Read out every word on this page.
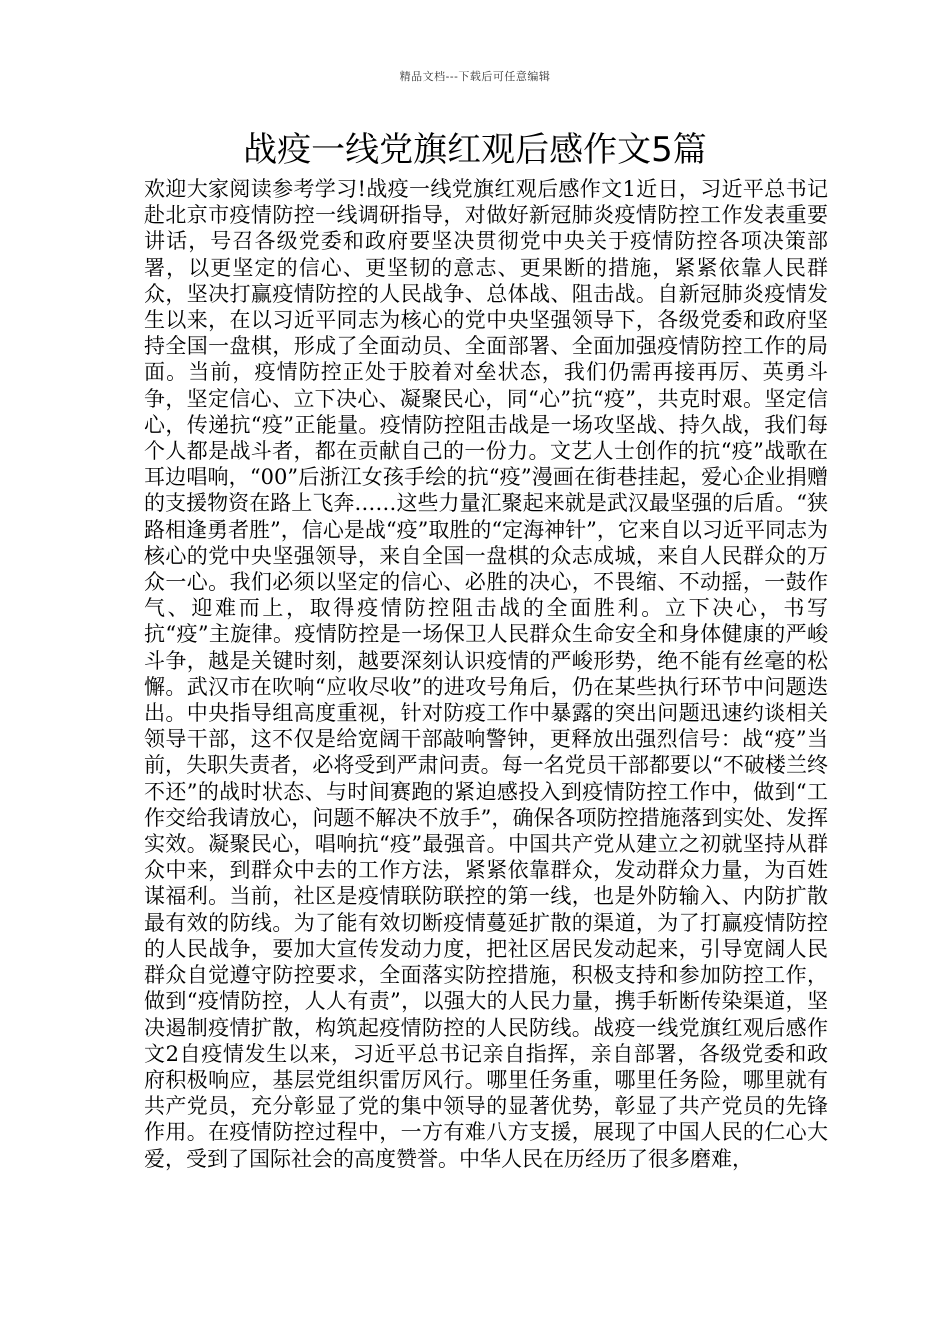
精品文档---下载后可任意编辑
战疫一线党旗红观后感作文5篇

欢迎大家阅读参考学习!战疫一线党旗红观后感作文1近日，习近平总书记赴北京市疫情防控一线调研指导，对做好新冠肺炎疫情防控工作发表重要讲话，号召各级党委和政府要坚决贯彻党中央关于疫情防控各项决策部署，以更坚定的信心、更坚韧的意志、更果断的措施，紧紧依靠人民群众，坚决打赢疫情防控的人民战争、总体战、阻击战。自新冠肺炎疫情发生以来，在以习近平同志为核心的党中央坚强领导下，各级党委和政府坚持全国一盘棋，形成了全面动员、全面部署、全面加强疫情防控工作的局面。当前，疫情防控正处于胶着对垒状态，我们仍需再接再厉、英勇斗争，坚定信心、立下决心、凝聚民心，同“心”抗“疫”，共克时艰。坚定信心，传递抗“疫”正能量。疫情防控阻击战是一场攻坚战、持久战，我们每个人都是战斗者，都在贡献自己的一份力。文艺人士创作的抗“疫”战歌在耳边唱响，“00”后浙江女孩手绘的抗“疫”漫画在街巷挂起，爱心企业捐赠的支援物资在路上飞奔……这些力量汇聚起来就是武汉最坚强的后盾。“狭路相逢勇者胜”，信心是战“疫”取胜的“定海神针”，它来自以习近平同志为核心的党中央坚强领导，来自全国一盘棋的众志成城，来自人民群众的万众一心。我们必须以坚定的信心、必胜的决心，不畏缩、不动摇，一鼓作气、迎难而上，取得疫情防控阻击战的全面胜利。立下决心，书写抗“疫”主旋律。疫情防控是一场保卫人民群众生命安全和身体健康的严峻斗争，越是关键时刻，越要深刻认识疫情的严峻形势，绝不能有丝毫的松懈。武汉市在吹响“应收尽收”的进攻号角后，仍在某些执行环节中问题迭出。中央指导组高度重视，针对防疫工作中暴露的突出问题迅速约谈相关领导干部，这不仅是给宽阔干部敲响警钟，更释放出强烈信号：战“疫”当前，失职失责者，必将受到严肃问责。每一名党员干部都要以“不破楼兰终不还”的战时状态、与时间赛跑的紧迫感投入到疫情防控工作中，做到“工作交给我请放心，问题不解决不放手”，确保各项防控措施落到实处、发挥实效。凝聚民心，唱响抗“疫”最强音。中国共产党从建立之初就坚持从群众中来，到群众中去的工作方法，紧紧依靠群众，发动群众力量，为百姓谋福利。当前，社区是疫情联防联控的第一线，也是外防输入、内防扩散最有效的防线。为了能有效切断疫情蔓延扩散的渠道，为了打赢疫情防控的人民战争，要加大宣传发动力度，把社区居民发动起来，引导宽阔人民群众自觉遵守防控要求，全面落实防控措施，积极支持和参加防控工作，做到“疫情防控，人人有责”，以强大的人民力量，携手斩断传染渠道，坚决遏制疫情扩散，构筑起疫情防控的人民防线。战疫一线党旗红观后感作文2自疫情发生以来，习近平总书记亲自指挥，亲自部署，各级党委和政府积极响应，基层党组织雷厉风行。哪里任务重，哪里任务险，哪里就有共产党员，充分彰显了党的集中领导的显著优势，彰显了共产党员的先锋作用。在疫情防控过程中，一方有难八方支援，展现了中国人民的仁心大爱，受到了国际社会的高度赞誉。中华人民在历经历了很多磨难，
